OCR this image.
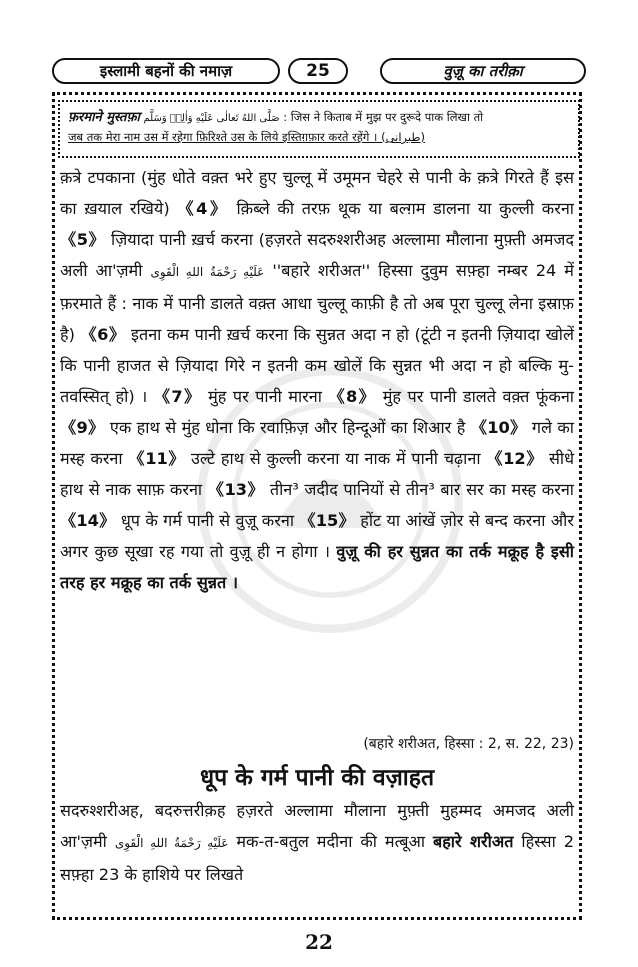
इस्लामी बहनों की नमाज़	25	वुज़ू का तरीक़ा
फ़रमाने मुस्तफ़ा صَلَّى اللهُ تَعالٰى عَلَيْهِ وَاٰلِهٖ وَسَلَّم : जिस ने किताब में मुझ पर दुरूदे पाक लिखा तो
जब तक मेरा नाम उस में रहेगा फ़िरिश्ते उस के लिये इस्तिग़फ़ार करते रहेंगे । (طبرانی)

क़त्रे टपकाना (मुंह धोते वक़्त भरे हुए चुल्लू में उमूमन चेहरे से पानी के क़त्रे गिरते हैं इस का ख़याल रखिये) 《4》 क़िब्ले की तरफ़ थूक या बल्ग़म डालना या कुल्ली करना 《5》 ज़ियादा पानी ख़र्च करना (हज़रते सदरुश्शरीअह अल्लामा मौलाना मुफ़्ती अमजद अली आ'ज़मी عَلَيْهِ رَحْمَةُ اللهِ الْقَوِی ''बहारे शरीअत'' हिस्सा दुवुम सफ़्हा नम्बर 24 में फ़रमाते हैं : नाक में पानी डालते वक़्त आधा चुल्लू काफ़ी है तो अब पूरा चुल्लू लेना इस्राफ़ है) 《6》 इतना कम पानी ख़र्च करना कि सुन्नत अदा न हो (टूंटी न इतनी ज़ियादा खोलें कि पानी हाजत से ज़ियादा गिरे न इतनी कम खोलें कि सुन्नत भी अदा न हो बल्कि मु-तवस्सित् हो) । 《7》 मुंह पर पानी मारना 《8》 मुंह पर पानी डालते वक़्त फूंकना 《9》 एक हाथ से मुंह धोना कि रवाफ़िज़ और हिन्दूओं का शिआर है 《10》 गले का मस्ह करना 《11》 उल्टे हाथ से कुल्ली करना या नाक में पानी चढ़ाना 《12》 सीधे हाथ से नाक साफ़ करना 《13》 तीन³ जदीद पानियों से तीन³ बार सर का मस्ह करना 《14》 धूप के गर्म पानी से वुज़ू करना 《15》 होंट या आंखें ज़ोर से बन्द करना और अगर कुछ सूखा रह गया तो वुज़ू ही न होगा । वुज़ू की हर सुन्नत का तर्क मक्रूह है इसी तरह हर मक्रूह का तर्क सुन्नत ।

(बहारे शरीअत, हिस्सा : 2, स. 22, 23)
धूप के गर्म पानी की वज़ाहत

सदरुश्शरीअह, बदरुत्तरीक़ह हज़रते अल्लामा मौलाना मुफ़्ती मुहम्मद अमजद अली आ'ज़मी عَلَيْهِ رَحْمَةُ اللهِ الْقَوِی मक-त-बतुल मदीना की मत्बूआ बहारे शरीअत हिस्सा 2 सफ़्हा 23 के हाशिये पर लिखते

22
